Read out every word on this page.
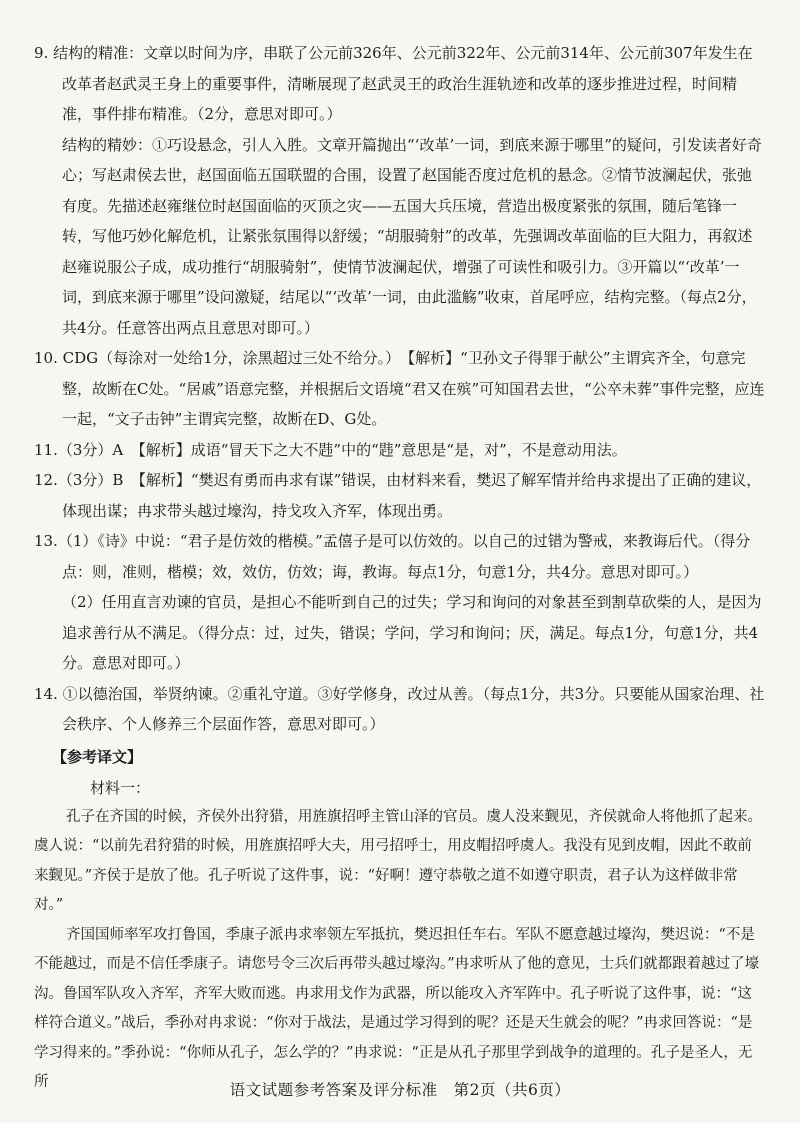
9. 结构的精准：文章以时间为序，串联了公元前326年、公元前322年、公元前314年、公元前307年发生在改革者赵武灵王身上的重要事件，清晰展现了赵武灵王的政治生涯轨迹和改革的逐步推进过程，时间精准，事件排布精准。（2分，意思对即可。）

结构的精妙：①巧设悬念，引人入胜。文章开篇抛出“‘改革’一词，到底来源于哪里”的疑问，引发读者好奇心；写赵肃侯去世，赵国面临五国联盟的合围，设置了赵国能否度过危机的悬念。②情节波澜起伏，张弛有度。先描述赵雍继位时赵国面临的灭顶之灾——五国大兵压境，营造出极度紧张的氛围，随后笔锋一转，写他巧妙化解危机，让紧张氛围得以舒缓；“胡服骑射”的改革，先强调改革面临的巨大阻力，再叙述赵雍说服公子成，成功推行“胡服骑射”，使情节波澜起伏，增强了可读性和吸引力。③开篇以“‘改革’一词，到底来源于哪里”设问激疑，结尾以“‘改革’一词，由此滥觞”收束，首尾呼应，结构完整。（每点2分，共4分。任意答出两点且意思对即可。）

10. CDG（每涂对一处给1分，涂黑超过三处不给分。）　【解析】“卫孙文子得罪于献公”主谓宾齐全，句意完整，故断在C处。“居戚”语意完整，并根据后文语境“君又在殡”可知国君去世，“公卒未葬”事件完整，应连一起，“文子击钟”主谓宾完整，故断在D、G处。

11.（3分）A　【解析】成语“冒天下之大不韪”中的“韪”意思是“是，对”，不是意动用法。

12.（3分）B　【解析】“樊迟有勇而冉求有谋”错误，由材料来看，樊迟了解军情并给冉求提出了正确的建议，体现出谋；冉求带头越过壕沟，持戈攻入齐军，体现出勇。

13.（1）《诗》中说：“君子是仿效的楷模。”孟僖子是可以仿效的。以自己的过错为警戒，来教诲后代。（得分点：则，准则，楷模；效，效仿，仿效；诲，教诲。每点1分，句意1分，共4分。意思对即可。）

（2）任用直言劝谏的官员，是担心不能听到自己的过失；学习和询问的对象甚至到割草砍柴的人，是因为追求善行从不满足。（得分点：过，过失，错误；学问，学习和询问；厌，满足。每点1分，句意1分，共4分。意思对即可。）

14. ①以德治国，举贤纳谏。②重礼守道。③好学修身，改过从善。（每点1分，共3分。只要能从国家治理、社会秩序、个人修养三个层面作答，意思对即可。）

【参考译文】
材料一：

孔子在齐国的时候，齐侯外出狩猎，用旌旗招呼主管山泽的官员。虞人没来觐见，齐侯就命人将他抓了起来。虞人说：“以前先君狩猎的时候，用旌旗招呼大夫，用弓招呼士，用皮帽招呼虞人。我没有见到皮帽，因此不敢前来觐见。”齐侯于是放了他。孔子听说了这件事，说：“好啊！遵守恭敬之道不如遵守职责，君子认为这样做非常对。”

齐国国师率军攻打鲁国，季康子派冉求率领左军抵抗，樊迟担任车右。军队不愿意越过壕沟，樊迟说：“不是不能越过，而是不信任季康子。请您号令三次后再带头越过壕沟。”冉求听从了他的意见，士兵们就都跟着越过了壕沟。鲁国军队攻入齐军，齐军大败而逃。冉求用戈作为武器，所以能攻入齐军阵中。孔子听说了这件事，说：“这样符合道义。”战后，季孙对冉求说：“你对于战法，是通过学习得到的呢？还是天生就会的呢？”冉求回答说：“是学习得来的。”季孙说：“你师从孔子，怎么学的？”冉求说：“正是从孔子那里学到战争的道理的。孔子是圣人，无所	语文试题参考答案及评分标准　第2页（共6页）
